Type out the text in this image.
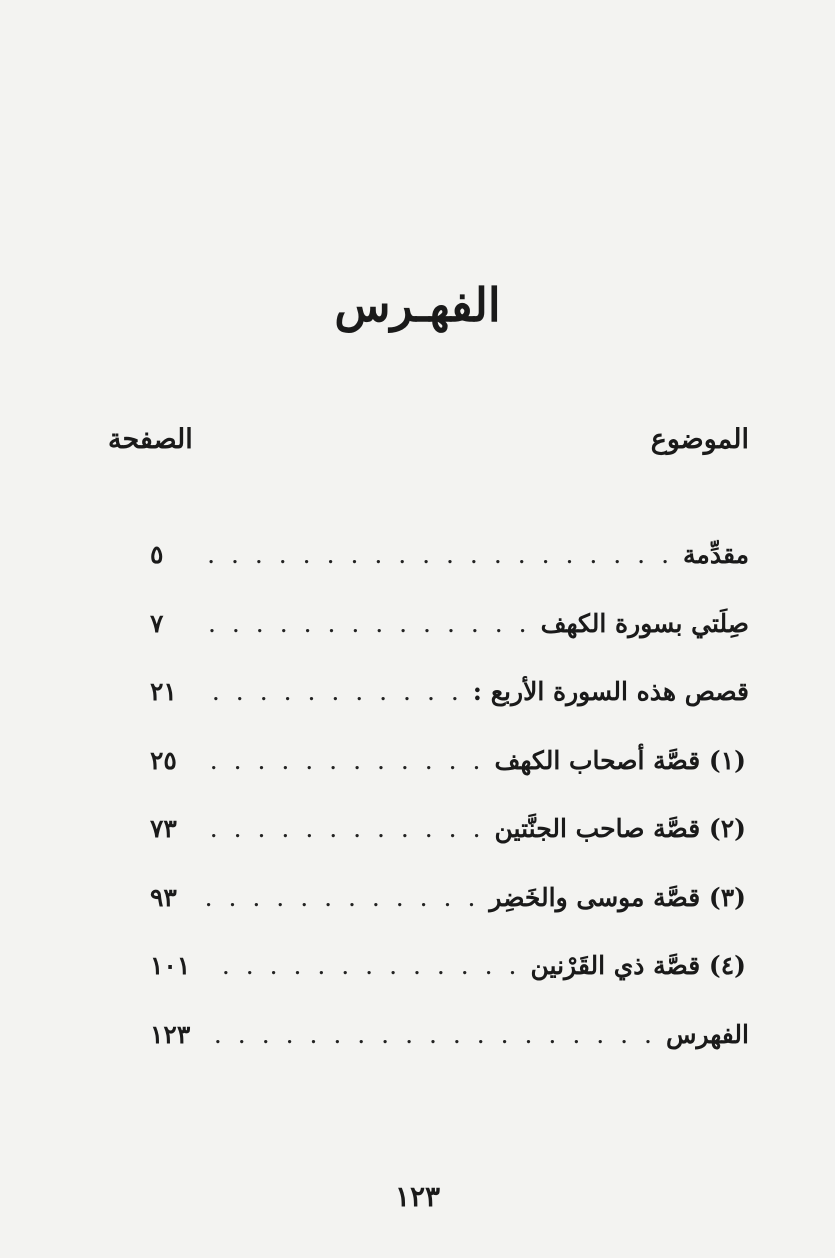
الفهـرس
الموضوع
الصفحة
مقدِّمة
. . .
٥
صِلَتي بسورة الكهف
. . .
٧
قصص هذه السورة الأربع :
. . .
٢١
(١) قصَّة أصحاب الكهف
. . .
٢٥
(٢) قصَّة صاحب الجنَّتين
. . .
٧٣
(٣) قصَّة موسى والخَضِر
. . .
٩٣
(٤) قصَّة ذي القَرْنين
. . .
١٠١
الفهرس
. . .
١٢٣
١٢٣
